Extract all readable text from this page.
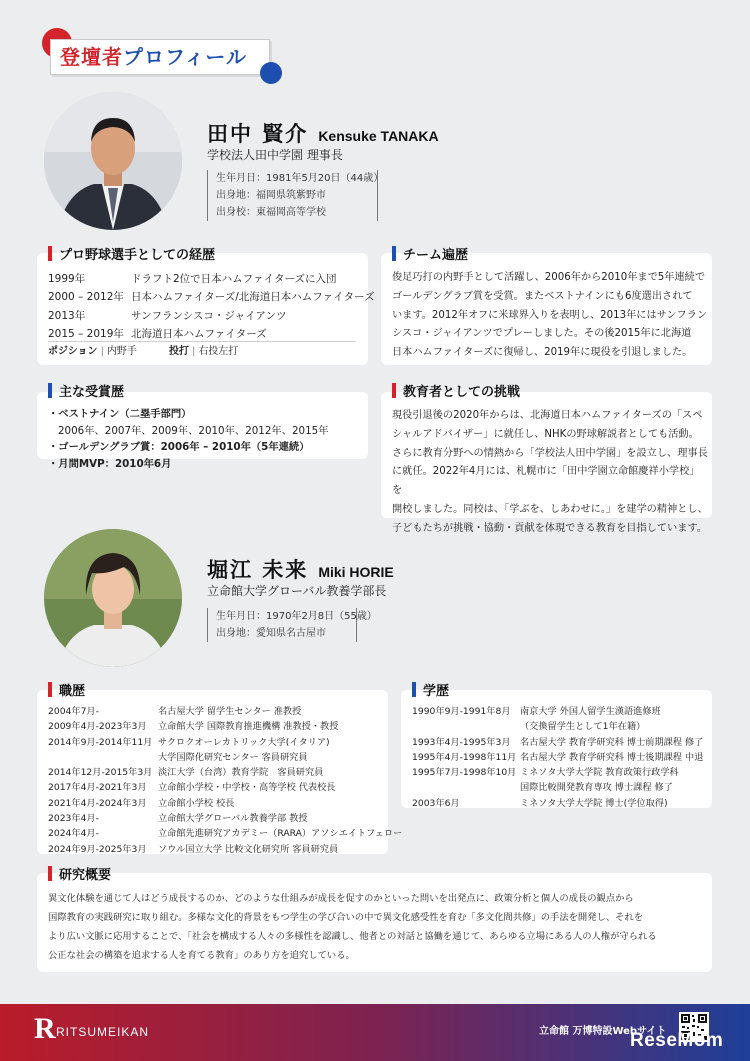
登壇者プロフィール
田中 賢介 Kensuke TANAKA
学校法人田中学園 理事長
生年月日：1981年5月20日（44歳）
出身地：福岡県筑紫野市
出身校：東福岡高等学校
プロ野球選手としての経歴
1999年	ドラフト2位で日本ハムファイターズに入団
2000 – 2012年 日本ハムファイターズ/北海道日本ハムファイターズ
2013年	サンフランシスコ・ジャイアンツ
2015 – 2019年 北海道日本ハムファイターズ
ポジション | 内野手	投打 | 右投左打
チーム遍歴
俊足巧打の内野手として活躍し、2006年から2010年まで5年連続で
ゴールデングラブ賞を受賞。またベストナインにも6度選出されて
います。2012年オフに米球界入りを表明し、2013年にはサンフラン
シスコ・ジャイアンツでプレーしました。その後2015年に北海道
日本ハムファイターズに復帰し、2019年に現役を引退しました。
主な受賞歴
・ベストナイン（二塁手部門）
2006年、2007年、2009年、2010年、2012年、2015年
・ゴールデングラブ賞：2006年 – 2010年（5年連続）
・月間MVP：2010年6月
教育者としての挑戦
現役引退後の2020年からは、北海道日本ハムファイターズの「スペ
シャルアドバイザー」に就任し、NHKの野球解説者としても活動。
さらに教育分野への情熱から「学校法人田中学園」を設立し、理事長
に就任。2022年4月には、札幌市に「田中学園立命館慶祥小学校」を
開校しました。同校は、「学ぶを、しあわせに。」を建学の精神とし、
子どもたちが挑戦・協動・貢献を体現できる教育を目指しています。
堀江 未来 Miki HORIE
立命館大学グローバル教養学部長
生年月日：1970年2月8日（55歳）
出身地：愛知県名古屋市
職歴
2004年7月-	名古屋大学 留学生センター 准教授
2009年4月-2023年3月	立命館大学 国際教育推進機構 准教授・教授
2014年9月-2014年11月 サクロクオーレカトリック大学(イタリア)
大学国際化研究センター 客員研究員
2014年12月-2015年3月 淡江大学（台湾）教育学院　客員研究員
2017年4月-2021年3月	立命館小学校・中学校・高等学校 代表校長
2021年4月-2024年3月	立命館小学校 校長
2023年4月-	立命館大学グローバル教養学部 教授
2024年4月-	立命館先進研究アカデミー（RARA）アソシエイトフェロー
2024年9月-2025年3月	ソウル国立大学 比較文化研究所 客員研究員
学歴
1990年9月-1991年8月	南京大学 外国人留学生漢語進修班
（交換留学生として1年在籍）
1993年4月-1995年3月	名古屋大学 教育学研究科 博士前期課程 修了
1995年4月-1998年11月 名古屋大学 教育学研究科 博士後期課程 中退
1995年7月-1998年10月 ミネソタ大学大学院 教育政策行政学科
国際比較開発教育専攻 博士課程 修了
2003年6月	ミネソタ大学大学院 博士(学位取得)
研究概要
異文化体験を通じて人はどう成長するのか、どのような仕組みが成長を促すのかといった問いを出発点に、政策分析と個人の成長の観点から
国際教育の実践研究に取り組む。多様な文化的背景をもつ学生の学び合いの中で異文化感受性を育む「多文化間共修」の手法を開発し、それを
より広い文脈に応用することで、「社会を構成する人々の多様性を認識し、他者との対話と協働を通じて、あらゆる立場にある人の人権が守られる
公正な社会の構築を追求する人を育てる教育」のあり方を追究している。
R RITSUMEIKAN	立命館 万博特設Webサイト
ReseMom
